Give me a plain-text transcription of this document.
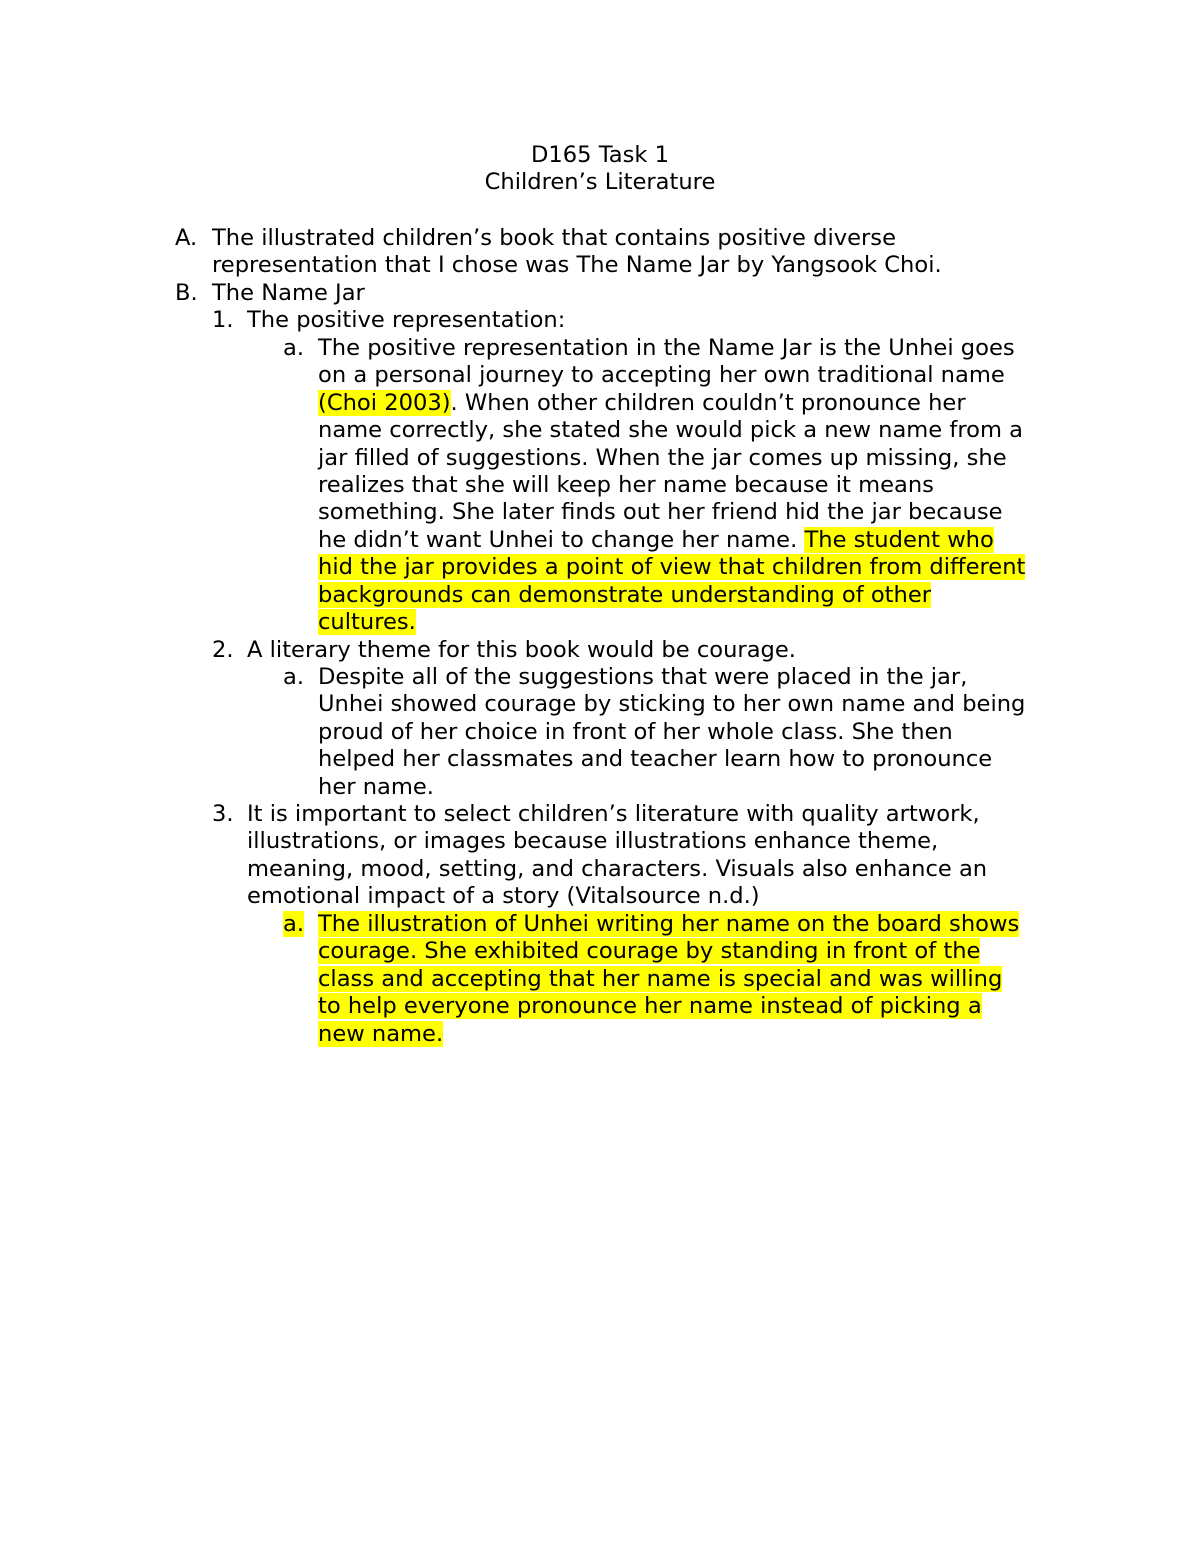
D165 Task 1
Children’s Literature
A. The illustrated children’s book that contains positive diverse
representation that I chose was The Name Jar by Yangsook Choi.
B. The Name Jar
1. The positive representation:
a. The positive representation in the Name Jar is the Unhei goes
on a personal journey to accepting her own traditional name
(Choi 2003). When other children couldn’t pronounce her
name correctly, she stated she would pick a new name from a
jar filled of suggestions. When the jar comes up missing, she
realizes that she will keep her name because it means
something. She later finds out her friend hid the jar because
he didn’t want Unhei to change her name. The student who
hid the jar provides a point of view that children from different
backgrounds can demonstrate understanding of other
cultures.
2. A literary theme for this book would be courage.
a. Despite all of the suggestions that were placed in the jar,
Unhei showed courage by sticking to her own name and being
proud of her choice in front of her whole class. She then
helped her classmates and teacher learn how to pronounce
her name.
3. It is important to select children’s literature with quality artwork,
illustrations, or images because illustrations enhance theme,
meaning, mood, setting, and characters. Visuals also enhance an
emotional impact of a story (Vitalsource n.d.)
a. The illustration of Unhei writing her name on the board shows
courage. She exhibited courage by standing in front of the
class and accepting that her name is special and was willing
to help everyone pronounce her name instead of picking a
new name.
